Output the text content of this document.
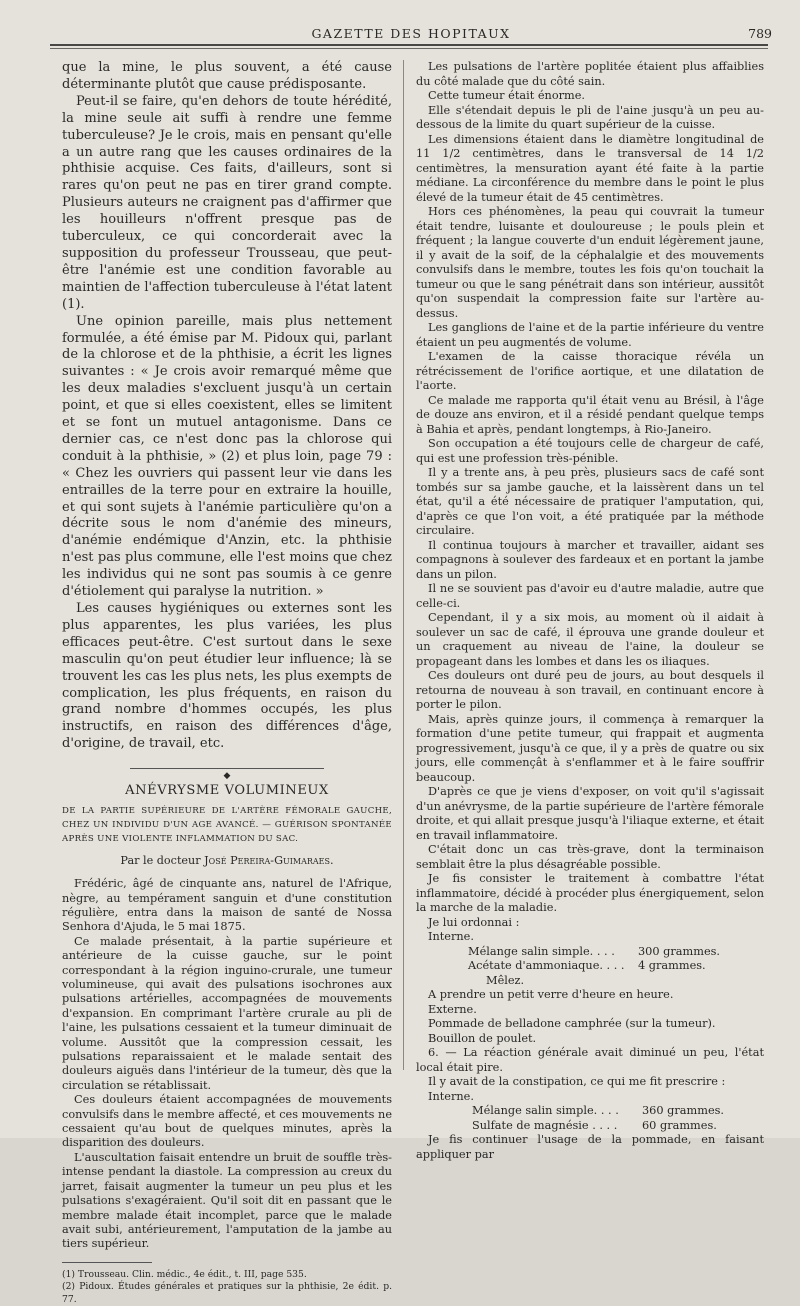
GAZETTE DES HOPITAUX	789

que la mine, le plus souvent, a été cause déterminante plutôt que cause prédisposante.

Peut-il se faire, qu'en dehors de toute hérédité, la mine seule ait suffi à rendre une femme tuberculeuse? Je le crois, mais en pensant qu'elle a un autre rang que les causes ordinaires de la phthisie acquise. Ces faits, d'ailleurs, sont si rares qu'on peut ne pas en tirer grand compte. Plusieurs auteurs ne craignent pas d'affirmer que les houilleurs n'offrent presque pas de tuberculeux, ce qui concorderait avec la supposition du professeur Trousseau, que peut-être l'anémie est une condition favorable au maintien de l'affection tuberculeuse à l'état latent (1).

Une opinion pareille, mais plus nettement formulée, a été émise par M. Pidoux qui, parlant de la chlorose et de la phthisie, a écrit les lignes suivantes : « Je crois avoir remarqué même que les deux maladies s'excluent jusqu'à un certain point, et que si elles coexistent, elles se limitent et se font un mutuel antagonisme. Dans ce dernier cas, ce n'est donc pas la chlorose qui conduit à la phthisie, » (2) et plus loin, page 79 : « Chez les ouvriers qui passent leur vie dans les entrailles de la terre pour en extraire la houille, et qui sont sujets à l'anémie particulière qu'on a décrite sous le nom d'anémie des mineurs, d'anémie endémique d'Anzin, etc. la phthisie n'est pas plus commune, elle l'est moins que chez les individus qui ne sont pas soumis à ce genre d'étiolement qui paralyse la nutrition. »

Les causes hygiéniques ou externes sont les plus apparentes, les plus variées, les plus efficaces peut-être. C'est surtout dans le sexe masculin qu'on peut étudier leur influence; là se trouvent les cas les plus nets, les plus exempts de complication, les plus fréquents, en raison du grand nombre d'hommes occupés, les plus instructifs, en raison des différences d'âge, d'origine, de travail, etc.

◆
ANÉVRYSME VOLUMINEUX
DE LA PARTIE SUPÉRIEURE DE L'ARTÈRE FÉMORALE GAUCHE, CHEZ UN INDIVIDU D'UN AGE AVANCÉ. — GUÉRISON SPONTANÉE APRÈS UNE VIOLENTE INFLAMMATION DU SAC.
Par le docteur José Pereira-Guimaraes.

Frédéric, âgé de cinquante ans, naturel de l'Afrique, nègre, au tempérament sanguin et d'une constitution régulière, entra dans la maison de santé de Nossa Senhora d'Ajuda, le 5 mai 1875.

Ce malade présentait, à la partie supérieure et antérieure de la cuisse gauche, sur le point correspondant à la région inguino-crurale, une tumeur volumineuse, qui avait des pulsations isochrones aux pulsations artérielles, accompagnées de mouvements d'expansion. En comprimant l'artère crurale au pli de l'aine, les pulsations cessaient et la tumeur diminuait de volume. Aussitôt que la compression cessait, les pulsations reparaissaient et le malade sentait des douleurs aiguës dans l'intérieur de la tumeur, dès que la circulation se rétablissait.

Ces douleurs étaient accompagnées de mouvements convulsifs dans le membre affecté, et ces mouvements ne cessaient qu'au bout de quelques minutes, après la disparition des douleurs.

L'auscultation faisait entendre un bruit de souffle très-intense pendant la diastole. La compression au creux du jarret, faisait augmenter la tumeur un peu plus et les pulsations s'exagéraient. Qu'il soit dit en passant que le membre malade était incomplet, parce que le malade avait subi, antérieurement, l'amputation de la jambe au tiers supérieur.

(1) Trousseau. Clin. médic., 4e édit., t. III, page 535.

(2) Pidoux. Études générales et pratiques sur la phthisie, 2e édit. p. 77.

Les pulsations de l'artère poplitée étaient plus affaiblies du côté malade que du côté sain.

Cette tumeur était énorme.

Elle s'étendait depuis le pli de l'aine jusqu'à un peu au-dessous de la limite du quart supérieur de la cuisse.

Les dimensions étaient dans le diamètre longitudinal de 11 1/2 centimètres, dans le transversal de 14 1/2 centimètres, la mensuration ayant été faite à la partie médiane. La circonférence du membre dans le point le plus élevé de la tumeur était de 45 centimètres.

Hors ces phénomènes, la peau qui couvrait la tumeur était tendre, luisante et douloureuse ; le pouls plein et fréquent ; la langue couverte d'un enduit légèrement jaune, il y avait de la soif, de la céphalalgie et des mouvements convulsifs dans le membre, toutes les fois qu'on touchait la tumeur ou que le sang pénétrait dans son intérieur, aussitôt qu'on suspendait la compression faite sur l'artère au-dessus.

Les ganglions de l'aine et de la partie inférieure du ventre étaient un peu augmentés de volume.

L'examen de la caisse thoracique révéla un rétrécissement de l'orifice aortique, et une dilatation de l'aorte.

Ce malade me rapporta qu'il était venu au Brésil, à l'âge de douze ans environ, et il a résidé pendant quelque temps à Bahia et après, pendant longtemps, à Rio-Janeiro.

Son occupation a été toujours celle de chargeur de café, qui est une profession très-pénible.

Il y a trente ans, à peu près, plusieurs sacs de café sont tombés sur sa jambe gauche, et la laissèrent dans un tel état, qu'il a été nécessaire de pratiquer l'amputation, qui, d'après ce que l'on voit, a été pratiquée par la méthode circulaire.

Il continua toujours à marcher et travailler, aidant ses compagnons à soulever des fardeaux et en portant la jambe dans un pilon.

Il ne se souvient pas d'avoir eu d'autre maladie, autre que celle-ci.

Cependant, il y a six mois, au moment où il aidait à soulever un sac de café, il éprouva une grande douleur et un craquement au niveau de l'aine, la douleur se propageant dans les lombes et dans les os iliaques.

Ces douleurs ont duré peu de jours, au bout desquels il retourna de nouveau à son travail, en continuant encore à porter le pilon.

Mais, après quinze jours, il commença à remarquer la formation d'une petite tumeur, qui frappait et augmenta progressivement, jusqu'à ce que, il y a près de quatre ou six jours, elle commençât à s'enflammer et à le faire souffrir beaucoup.

D'après ce que je viens d'exposer, on voit qu'il s'agissait d'un anévrysme, de la partie supérieure de l'artère fémorale droite, et qui allait presque jusqu'à l'iliaque externe, et était en travail inflammatoire.

C'était donc un cas très-grave, dont la terminaison semblait être la plus désagréable possible.

Je fis consister le traitement à combattre l'état inflammatoire, décidé à procéder plus énergiquement, selon la marche de la maladie.

Je lui ordonnai :

Interne.

Mélange salin simple. . . .	300 grammes.
Acétate d'ammoniaque. . . .	4 grammes.
Mêlez.

A prendre un petit verre d'heure en heure.

Externe.

Pommade de belladone camphrée (sur la tumeur).

Bouillon de poulet.

6. — La réaction générale avait diminué un peu, l'état local était pire.

Il y avait de la constipation, ce qui me fit prescrire :

Interne.

Mélange salin simple. . . .	360 grammes.
Sulfate de magnésie . . . .	60 grammes.

Je fis continuer l'usage de la pommade, en faisant appliquer par
